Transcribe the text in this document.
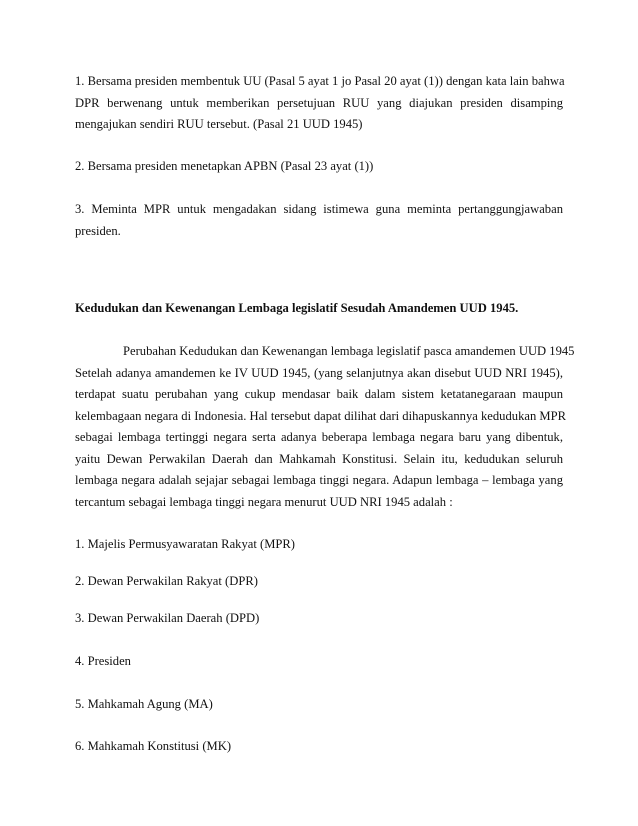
1. Bersama presiden membentuk UU (Pasal 5 ayat 1 jo Pasal 20 ayat (1)) dengan kata lain bahwa
DPR berwenang untuk memberikan persetujuan RUU yang diajukan presiden disamping
mengajukan sendiri RUU tersebut. (Pasal 21 UUD 1945)
2. Bersama presiden menetapkan APBN (Pasal 23 ayat (1))
3. Meminta MPR untuk mengadakan sidang istimewa guna meminta pertanggungjawaban
presiden.
Kedudukan dan Kewenangan Lembaga legislatif Sesudah Amandemen UUD 1945.
Perubahan Kedudukan dan Kewenangan lembaga legislatif pasca amandemen UUD 1945
Setelah adanya amandemen ke IV UUD 1945, (yang selanjutnya akan disebut UUD NRI 1945),
terdapat suatu perubahan yang cukup mendasar baik dalam sistem ketatanegaraan maupun
kelembagaan negara di Indonesia. Hal tersebut dapat dilihat dari dihapuskannya kedudukan MPR
sebagai lembaga tertinggi negara serta adanya beberapa lembaga negara baru yang dibentuk,
yaitu Dewan Perwakilan Daerah dan Mahkamah Konstitusi. Selain itu, kedudukan seluruh
lembaga negara adalah sejajar sebagai lembaga tinggi negara. Adapun lembaga – lembaga yang
tercantum sebagai lembaga tinggi negara menurut UUD NRI 1945 adalah :
1. Majelis Permusyawaratan Rakyat (MPR)
2. Dewan Perwakilan Rakyat (DPR)
3. Dewan Perwakilan Daerah (DPD)
4. Presiden
5. Mahkamah Agung (MA)
6. Mahkamah Konstitusi (MK)
